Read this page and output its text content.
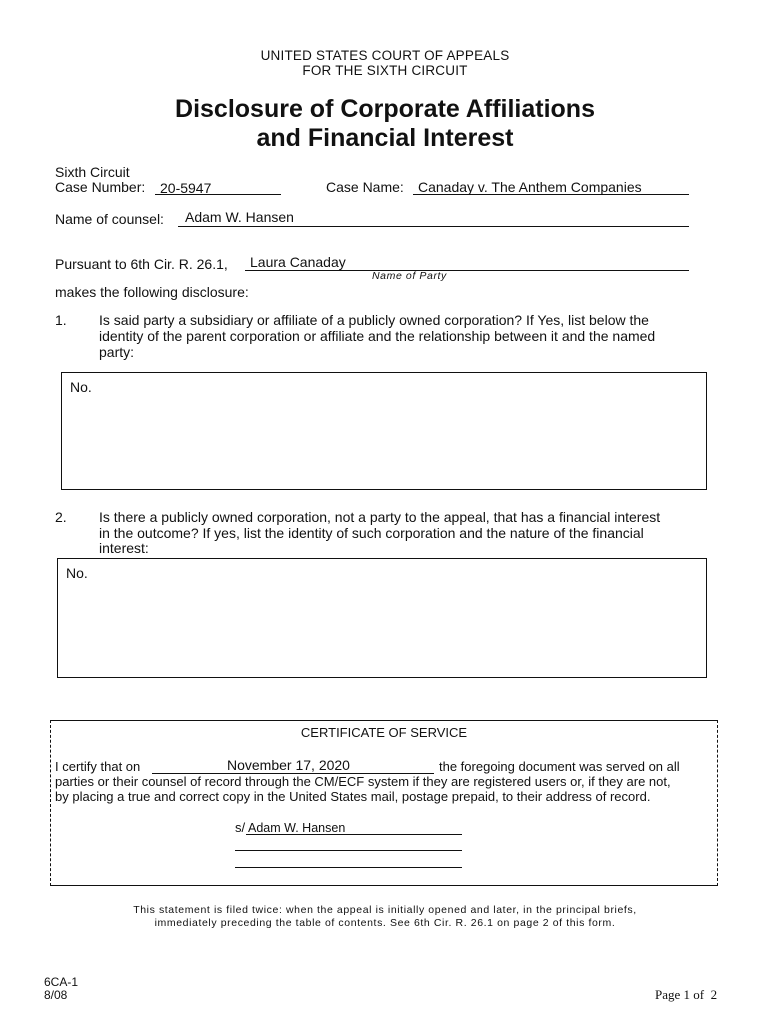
UNITED STATES COURT OF APPEALS
FOR THE SIXTH CIRCUIT
Disclosure of Corporate Affiliations
and Financial Interest
Sixth Circuit
Case Number: 20-5947	Case Name: Canaday v. The Anthem Companies
Name of counsel: Adam W. Hansen
Pursuant to 6th Cir. R. 26.1, Laura Canaday
Name of Party
makes the following disclosure:
1. Is said party a subsidiary or affiliate of a publicly owned corporation? If Yes, list below the
identity of the parent corporation or affiliate and the relationship between it and the named
party:
No.
2. Is there a publicly owned corporation, not a party to the appeal, that has a financial interest
in the outcome? If yes, list the identity of such corporation and the nature of the financial
interest:
No.
CERTIFICATE OF SERVICE
I certify that on	November 17, 2020	the foregoing document was served on all
parties or their counsel of record through the CM/ECF system if they are registered users or, if they are not,
by placing a true and correct copy in the United States mail, postage prepaid, to their address of record.
s/ Adam W. Hansen
This statement is filed twice: when the appeal is initially opened and later, in the principal briefs,
immediately preceding the table of contents. See 6th Cir. R. 26.1 on page 2 of this form.
6CA-1
8/08	Page 1 of  2
